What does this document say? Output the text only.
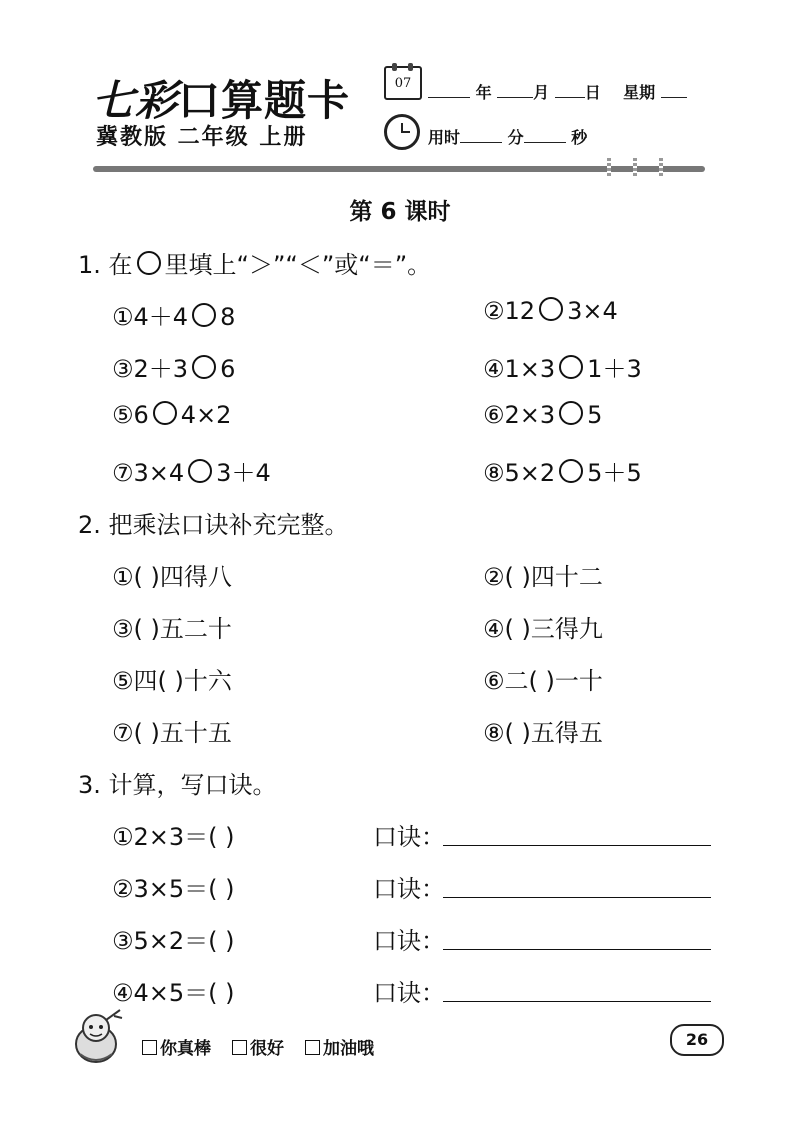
七彩口算题卡
冀教版 二年级 上册
07	年	月 日 星期
用时	分	秒
第 6 课时
1. 在 里填上“＞”“＜”或“＝”。
①4＋4 8	②12 3×4
③2＋3 6	④1×3 1＋3
⑤6 4×2	⑥2×3 5
⑦3×4 3＋4	⑧5×2 5＋5
2. 把乘法口诀补充完整。
①( )四得八	②( )四十二
③( )五二十	④( )三得九
⑤四( )十六	⑥二( )一十
⑦( )五十五	⑧( )五得五
3. 计算，写口诀。
①2×3＝( )	口诀：
②3×5＝( )	口诀：
③5×2＝( )	口诀：
④4×5＝( )	口诀：
你真棒	很好	加油哦	26
